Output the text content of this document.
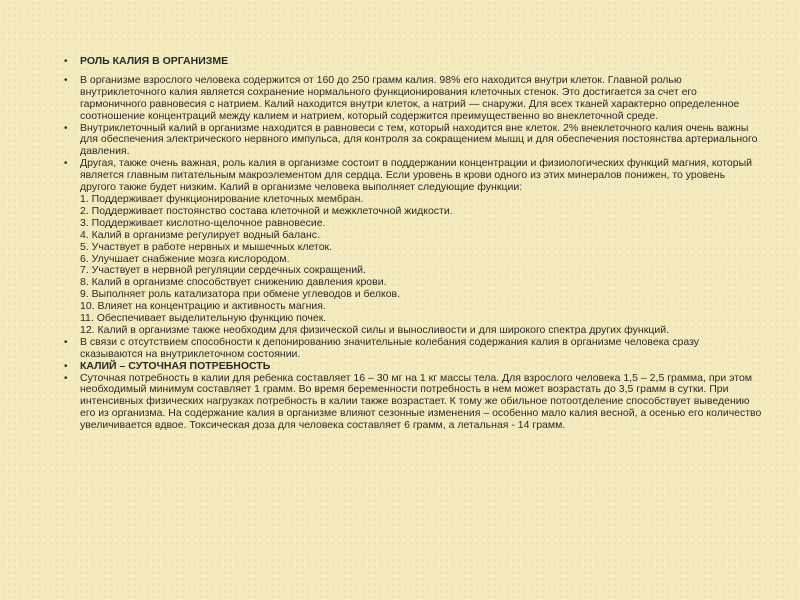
• РОЛЬ КАЛИЯ В ОРГАНИЗМЕ
• В организме взрослого человека содержится от 160 до 250 грамм калия. 98% его находится внутри клеток. Главной ролью внутриклеточного калия является сохранение нормального функционирования клеточных стенок. Это достигается за счет его гармоничного равновесия с натрием. Калий находится внутри клеток, а натрий — снаружи. Для всех тканей характерно определенное соотношение концентраций между калием и натрием, который содержится преимущественно во внеклеточной среде.
• Внутриклеточный калий в организме находится в равновеси с тем, который находится вне клеток. 2% внеклеточного калия очень важны для обеспечения электрического нервного импульса, для контроля за сокращением мышц и для обеспечения постоянства артериального давления.
• Другая, также очень важная, роль калия в организме состоит в поддержании концентрации и физиологических функций магния, который является главным питательным макроэлементом для сердца. Если уровень в крови одного из этих минералов понижен, то уровень другого также будет низким. Калий в организме человека выполняет следующие функции:
1. Поддерживает функционирование клеточных мембран.
2. Поддерживает постоянство состава клеточной и межклеточной жидкости.
3. Поддерживает кислотно-щелочное равновесие.
4. Калий в организме регулирует водный баланс.
5. Участвует в работе нервных и мышечных клеток.
6. Улучшает снабжение мозга кислородом.
7. Участвует в нервной регуляции сердечных сокращений.
8. Калий в организме способствует снижению давления крови.
9. Выполняет роль катализатора при обмене углеводов и белков.
10. Влияет на концентрацию и активность магния.
11. Обеспечивает выделительную функцию почек.
12. Калий в организме также необходим для физической силы и выносливости и для широкого спектра других функций.
• В связи с отсутствием способности к депонированию значительные колебания содержания калия в организме человека сразу сказываются на внутриклеточном состоянии.
• КАЛИЙ – СУТОЧНАЯ ПОТРЕБНОСТЬ
• Суточная потребность в калии для ребенка составляет 16 – 30 мг на 1 кг массы тела. Для взрослого человека 1,5 – 2,5 грамма, при этом необходимый минимум составляет 1 грамм. Во время беременности потребность в нем может возрастать до 3,5 грамм в сутки. При интенсивных физических нагрузках потребность в калии также возрастает. К тому же обильное потоотделение способствует выведению его из организма. На содержание калия в организме влияют сезонные изменения – особенно мало калия весной, а осенью его количество увеличивается вдвое. Токсическая доза для человека составляет 6 грамм, а летальная - 14 грамм.
